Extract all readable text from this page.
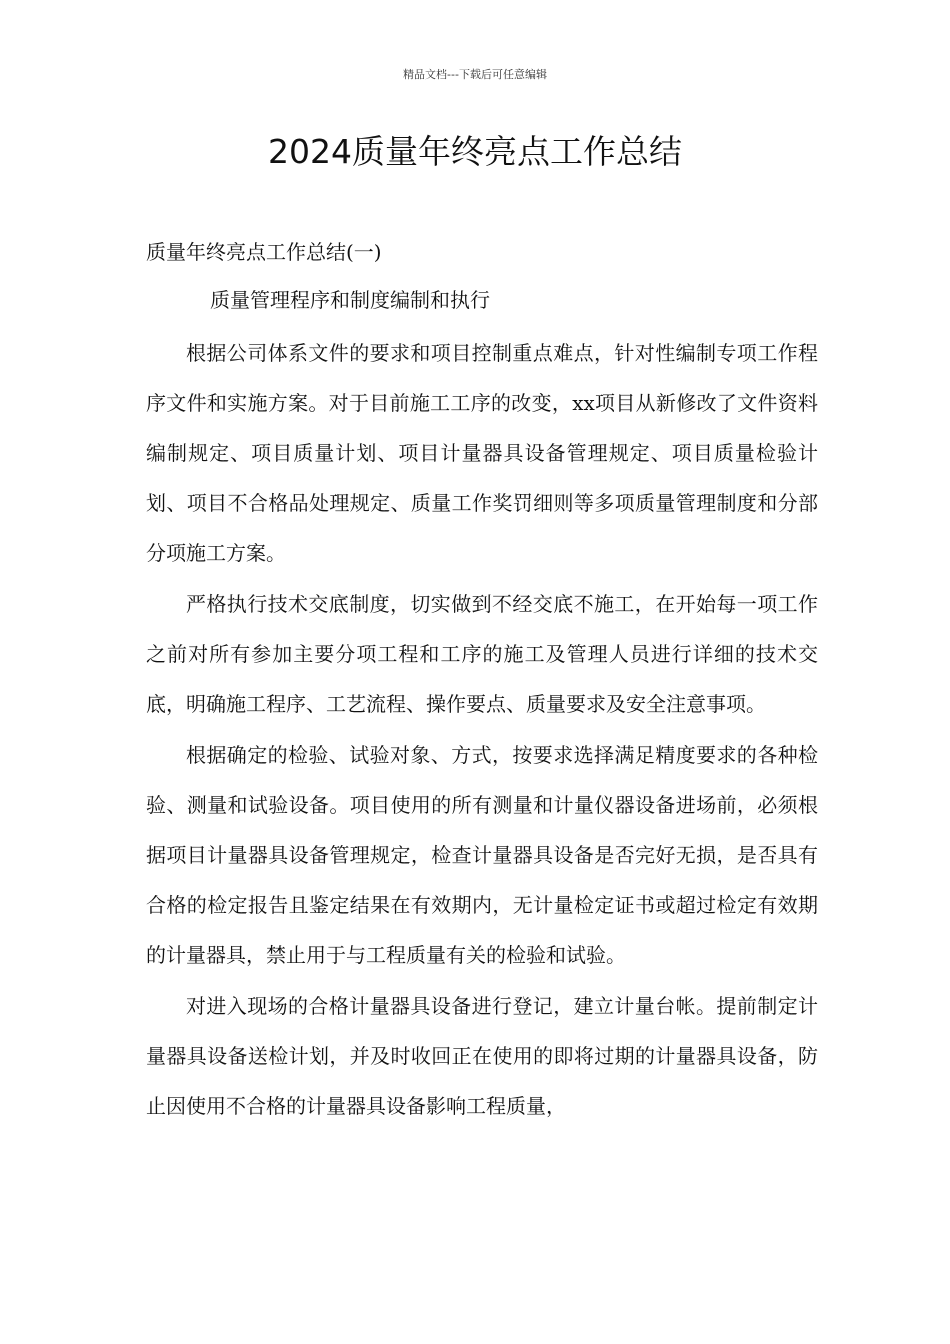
精品文档---下载后可任意编辑
2024质量年终亮点工作总结

质量年终亮点工作总结(一)

质量管理程序和制度编制和执行

根据公司体系文件的要求和项目控制重点难点，针对性编制专项工作程序文件和实施方案。对于目前施工工序的改变，xx项目从新修改了文件资料编制规定、项目质量计划、项目计量器具设备管理规定、项目质量检验计划、项目不合格品处理规定、质量工作奖罚细则等多项质量管理制度和分部分项施工方案。

严格执行技术交底制度，切实做到不经交底不施工，在开始每一项工作之前对所有参加主要分项工程和工序的施工及管理人员进行详细的技术交底，明确施工程序、工艺流程、操作要点、质量要求及安全注意事项。

根据确定的检验、试验对象、方式，按要求选择满足精度要求的各种检验、测量和试验设备。项目使用的所有测量和计量仪器设备进场前，必须根据项目计量器具设备管理规定，检查计量器具设备是否完好无损，是否具有合格的检定报告且鉴定结果在有效期内，无计量检定证书或超过检定有效期的计量器具，禁止用于与工程质量有关的检验和试验。

对进入现场的合格计量器具设备进行登记，建立计量台帐。提前制定计量器具设备送检计划，并及时收回正在使用的即将过期的计量器具设备，防止因使用不合格的计量器具设备影响工程质量，
